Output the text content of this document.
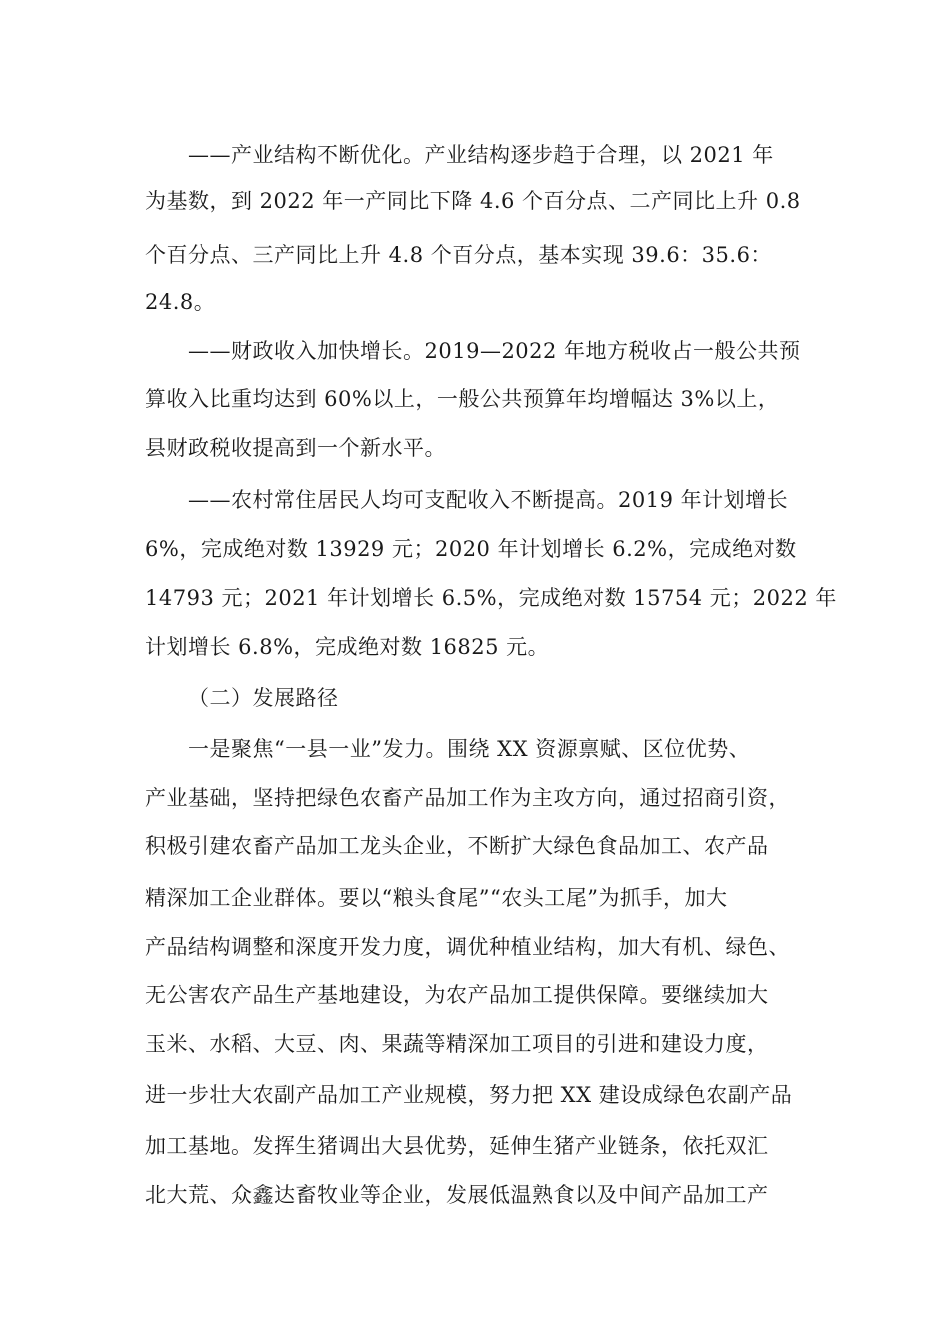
——产业结构不断优化。产业结构逐步趋于合理，以 2021 年
为基数，到 2022 年一产同比下降 4.6 个百分点、二产同比上升 0.8
个百分点、三产同比上升 4.8 个百分点，基本实现 39.6：35.6：
24.8。
——财政收入加快增长。2019—2022 年地方税收占一般公共预
算收入比重均达到 60%以上，一般公共预算年均增幅达 3%以上，
县财政税收提高到一个新水平。
——农村常住居民人均可支配收入不断提高。2019 年计划增长
6%，完成绝对数 13929 元；2020 年计划增长 6.2%，完成绝对数
14793 元；2021 年计划增长 6.5%，完成绝对数 15754 元；2022 年
计划增长 6.8%，完成绝对数 16825 元。
（二）发展路径
一是聚焦“一县一业”发力。围绕 XX 资源禀赋、区位优势、
产业基础，坚持把绿色农畜产品加工作为主攻方向，通过招商引资，
积极引建农畜产品加工龙头企业，不断扩大绿色食品加工、农产品
精深加工企业群体。要以“粮头食尾”“农头工尾”为抓手，加大
产品结构调整和深度开发力度，调优种植业结构，加大有机、绿色、
无公害农产品生产基地建设，为农产品加工提供保障。要继续加大
玉米、水稻、大豆、肉、果蔬等精深加工项目的引进和建设力度，
进一步壮大农副产品加工产业规模，努力把 XX 建设成绿色农副产品
加工基地。发挥生猪调出大县优势，延伸生猪产业链条，依托双汇
北大荒、众鑫达畜牧业等企业，发展低温熟食以及中间产品加工产
